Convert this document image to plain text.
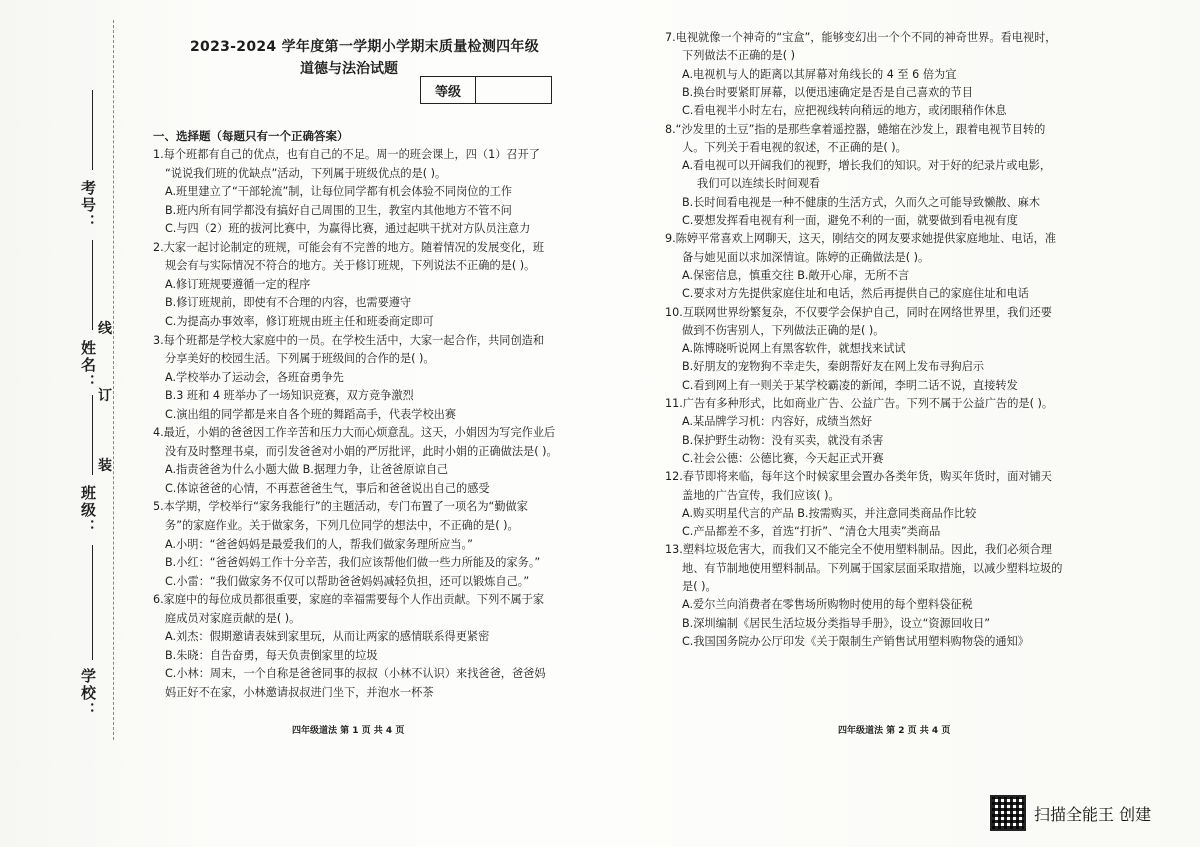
考号：
姓名：
班级：
学校：
线
订
装
2023-2024 学年度第一学期小学期末质量检测四年级
道德与法治试题
等级
一、选择题（每题只有一个正确答案）
1.每个班都有自己的优点，也有自己的不足。周一的班会课上，四（1）召开了
“说说我们班的优缺点”活动，下列属于班级优点的是( )。
A.班里建立了“干部轮流”制，让每位同学都有机会体验不同岗位的工作
B.班内所有同学都没有搞好自己周围的卫生，教室内其他地方不管不问
C.与四（2）班的拔河比赛中，为赢得比赛，通过起哄干扰对方队员注意力
2.大家一起讨论制定的班规，可能会有不完善的地方。随着情况的发展变化，班
规会有与实际情况不符合的地方。关于修订班规，下列说法不正确的是( )。
A.修订班规要遵循一定的程序
B.修订班规前，即使有不合理的内容，也需要遵守
C.为提高办事效率，修订班规由班主任和班委商定即可
3.每个班都是学校大家庭中的一员。在学校生活中，大家一起合作，共同创造和
分享美好的校园生活。下列属于班级间的合作的是( )。
A.学校举办了运动会，各班奋勇争先
B.3 班和 4 班举办了一场知识竞赛，双方竞争激烈
C.演出组的同学都是来自各个班的舞蹈高手，代表学校出赛
4.最近，小娟的爸爸因工作辛苦和压力大而心烦意乱。这天，小娟因为写完作业后
没有及时整理书桌，而引发爸爸对小娟的严厉批评，此时小娟的正确做法是( )。
A.指责爸爸为什么小题大做 B.据理力争，让爸爸原谅自己
C.体谅爸爸的心情，不再惹爸爸生气，事后和爸爸说出自己的感受
5.本学期，学校举行“家务我能行”的主题活动，专门布置了一项名为“勤做家
务”的家庭作业。关于做家务，下列几位同学的想法中，不正确的是( )。
A.小明：“爸爸妈妈是最爱我们的人，帮我们做家务理所应当。”
B.小红：“爸爸妈妈工作十分辛苦，我们应该帮他们做一些力所能及的家务。”
C.小雷：“我们做家务不仅可以帮助爸爸妈妈减轻负担，还可以锻炼自己。”
6.家庭中的每位成员都很重要，家庭的幸福需要每个人作出贡献。下列不属于家
庭成员对家庭贡献的是( )。
A.刘杰：假期邀请表妹到家里玩，从而让两家的感情联系得更紧密
B.朱晓：自告奋勇，每天负责倒家里的垃圾
C.小林：周末，一个自称是爸爸同事的叔叔（小林不认识）来找爸爸，爸爸妈
妈正好不在家，小林邀请叔叔进门坐下，并泡水一杯茶
7.电视就像一个神奇的“宝盒”，能够变幻出一个个不同的神奇世界。看电视时，
下列做法不正确的是( )
A.电视机与人的距离以其屏幕对角线长的 4 至 6 倍为宜
B.换台时要紧盯屏幕，以便迅速确定是否是自己喜欢的节目
C.看电视半小时左右，应把视线转向稍远的地方，或闭眼稍作休息
8.“沙发里的土豆”指的是那些拿着遥控器，蜷缩在沙发上，跟着电视节目转的
人。下列关于看电视的叙述，不正确的是( )。
A.看电视可以开阔我们的视野，增长我们的知识。对于好的纪录片或电影，
我们可以连续长时间观看
B.长时间看电视是一种不健康的生活方式，久而久之可能导致懒散、麻木
C.要想发挥看电视有利一面，避免不利的一面，就要做到看电视有度
9.陈婷平常喜欢上网聊天，这天，刚结交的网友要求她提供家庭地址、电话，准
备与她见面以求加深情谊。陈婷的正确做法是( )。
A.保密信息，慎重交往 B.敞开心扉，无所不言
C.要求对方先提供家庭住址和电话，然后再提供自己的家庭住址和电话
10.互联网世界纷繁复杂，不仅要学会保护自己，同时在网络世界里，我们还要
做到不伤害别人，下列做法正确的是( )。
A.陈博晓听说网上有黑客软件，就想找来试试
B.好朋友的宠物狗不幸走失，秦朗帮好友在网上发布寻狗启示
C.看到网上有一则关于某学校霸凌的新闻，李明二话不说，直接转发
11.广告有多种形式，比如商业广告、公益广告。下列不属于公益广告的是( )。
A.某品牌学习机：内容好，成绩当然好
B.保护野生动物：没有买卖，就没有杀害
C.社会公德：公德比赛，今天起正式开赛
12.春节即将来临，每年这个时候家里会置办各类年货，购买年货时，面对铺天
盖地的广告宣传，我们应该( )。
A.购买明星代言的产品 B.按需购买，并注意同类商品作比较
C.产品都差不多，首选“打折”、“清仓大甩卖”类商品
13.塑料垃圾危害大，而我们又不能完全不使用塑料制品。因此，我们必须合理
地、有节制地使用塑料制品。下列属于国家层面采取措施，以减少塑料垃圾的
是( )。
A.爱尔兰向消费者在零售场所购物时使用的每个塑料袋征税
B.深圳编制《居民生活垃圾分类指导手册》，设立“资源回收日”
C.我国国务院办公厅印发《关于限制生产销售试用塑料购物袋的通知》
四年级道法 第 1 页 共 4 页	四年级道法 第 2 页 共 4 页
扫描全能王 创建
